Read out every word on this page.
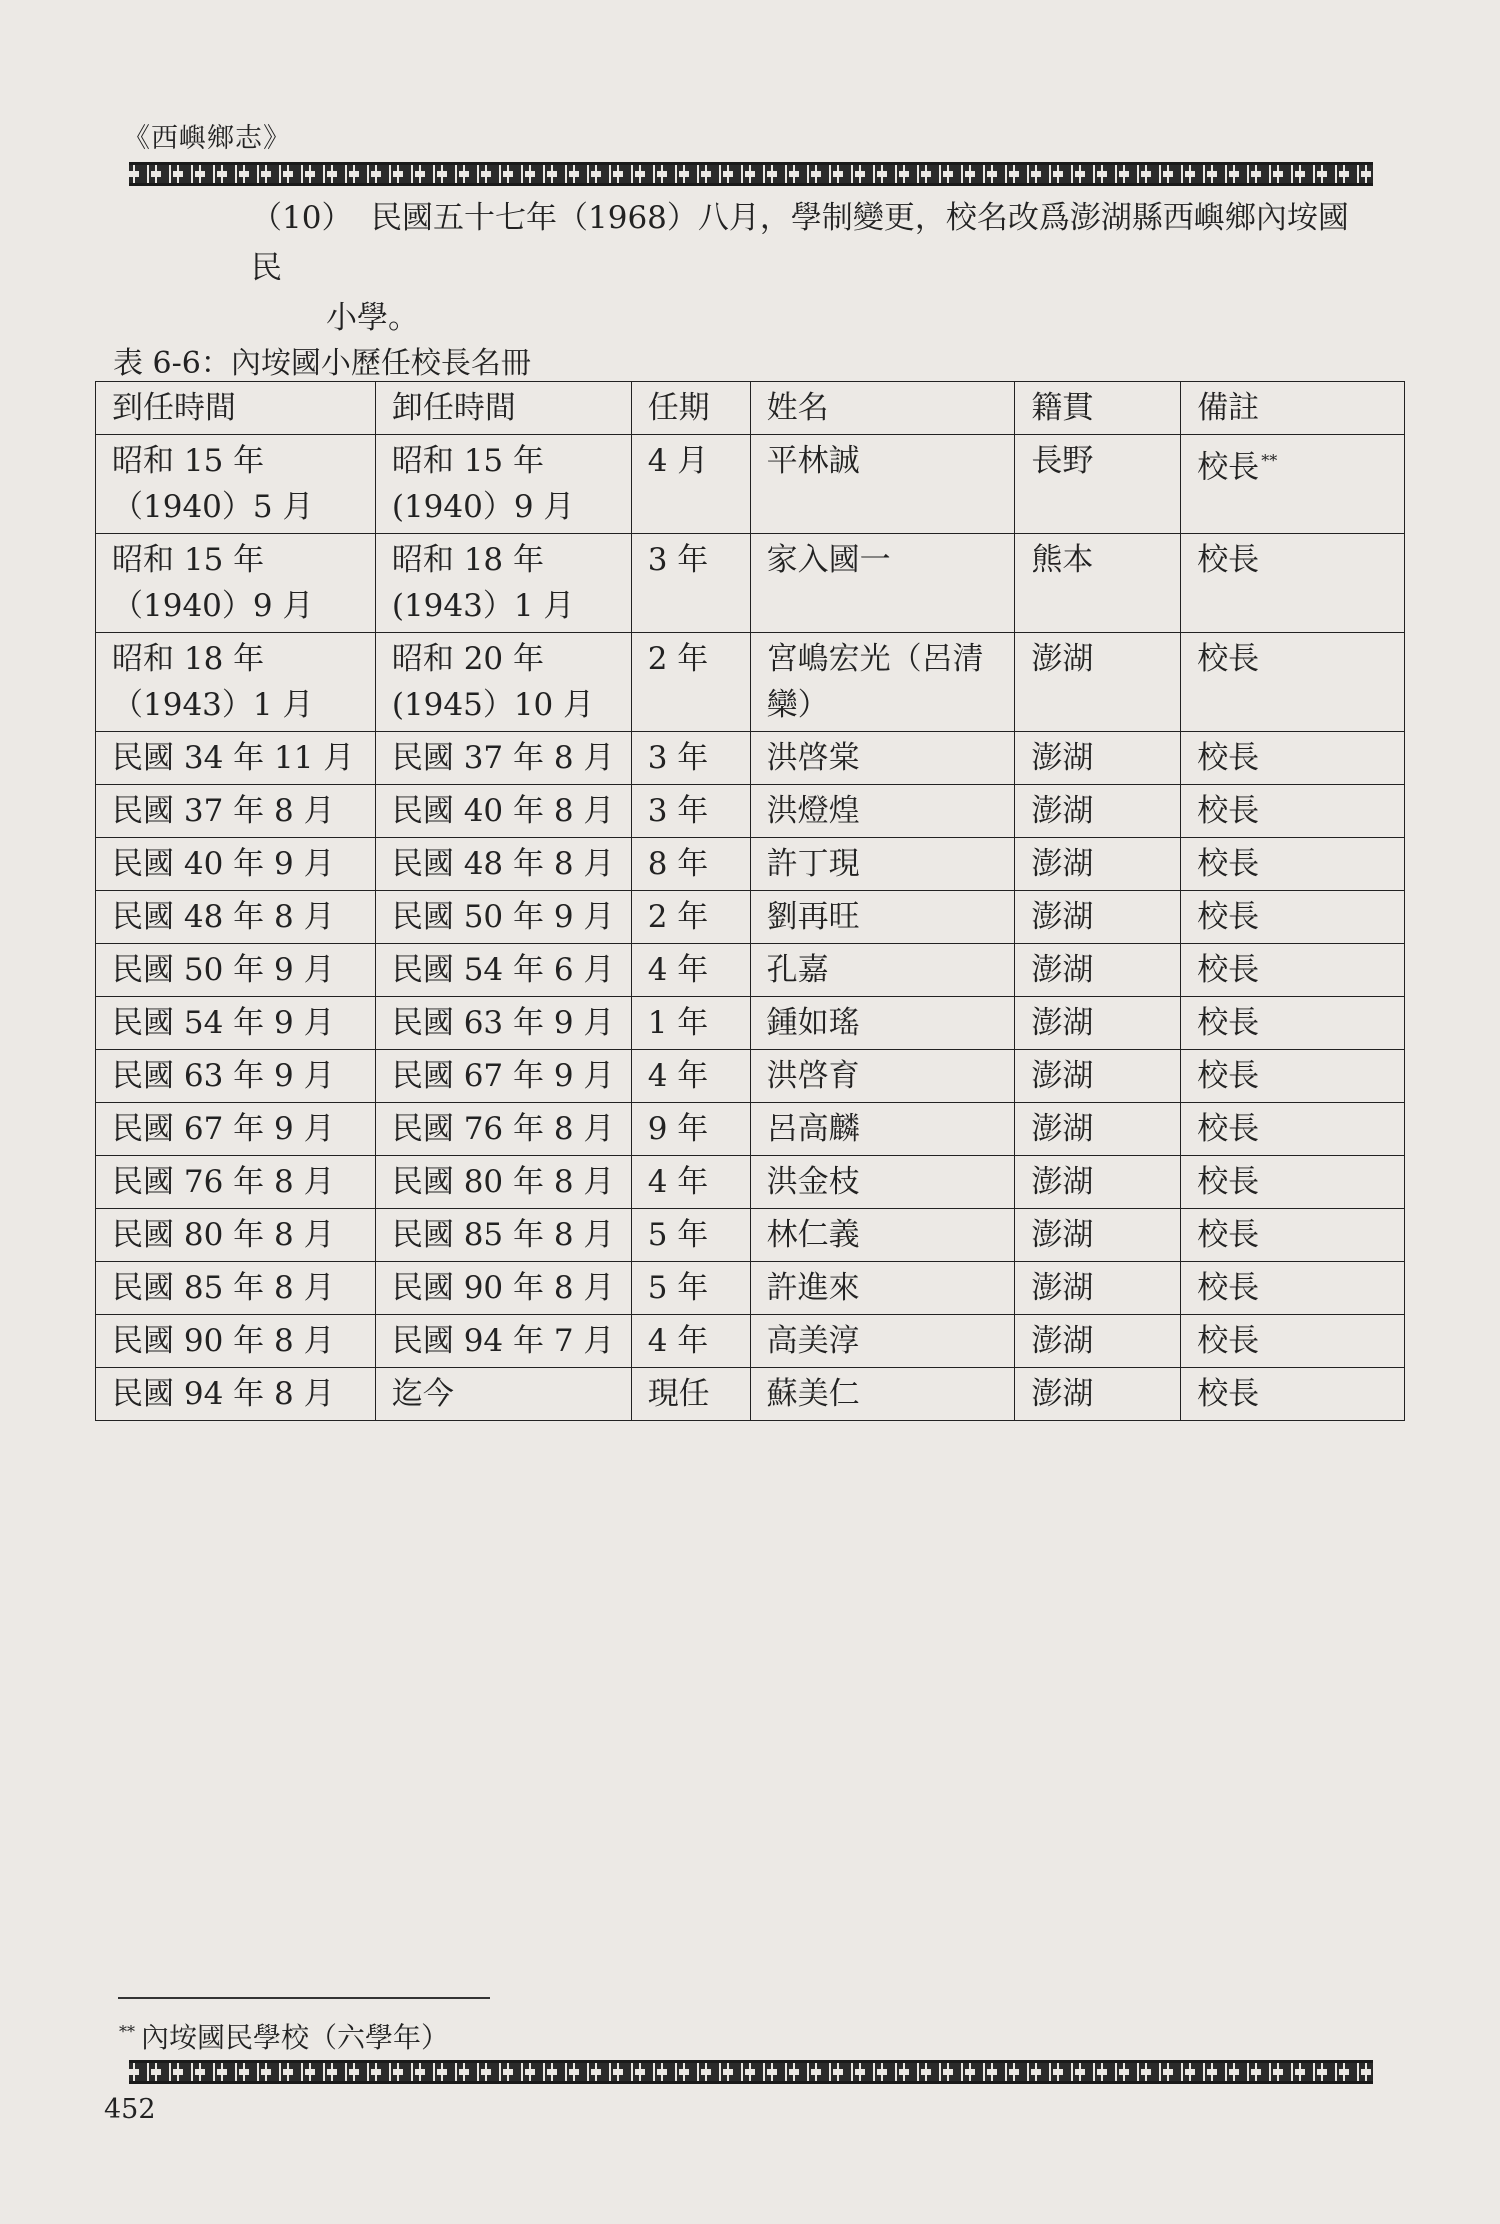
《西嶼鄉志》
（10） 民國五十七年（1968）八月，學制變更，校名改爲澎湖縣西嶼鄉內垵國民
小學。
表 6-6：內垵國小歷任校長名冊
到任時間	卸任時間	任期	姓名	籍貫	備註
昭和 15 年（1940）5 月	昭和 15 年(1940）9 月	4 月	平林誠	長野	校長 **
昭和 15 年（1940）9 月	昭和 18 年(1943）1 月	3 年	家入國一	熊本	校長
昭和 18 年（1943）1 月	昭和 20 年(1945）10 月	2 年	宮嶋宏光（呂清欒）	澎湖	校長
民國 34 年 11 月	民國 37 年 8 月	3 年	洪啓棠	澎湖	校長
民國 37 年 8 月	民國 40 年 8 月	3 年	洪燈煌	澎湖	校長
民國 40 年 9 月	民國 48 年 8 月	8 年	許丁現	澎湖	校長
民國 48 年 8 月	民國 50 年 9 月	2 年	劉再旺	澎湖	校長
民國 50 年 9 月	民國 54 年 6 月	4 年	孔嘉	澎湖	校長
民國 54 年 9 月	民國 63 年 9 月	1 年	鍾如瑤	澎湖	校長
民國 63 年 9 月	民國 67 年 9 月	4 年	洪啓育	澎湖	校長
民國 67 年 9 月	民國 76 年 8 月	9 年	呂高麟	澎湖	校長
民國 76 年 8 月	民國 80 年 8 月	4 年	洪金枝	澎湖	校長
民國 80 年 8 月	民國 85 年 8 月	5 年	林仁義	澎湖	校長
民國 85 年 8 月	民國 90 年 8 月	5 年	許進來	澎湖	校長
民國 90 年 8 月	民國 94 年 7 月	4 年	高美淳	澎湖	校長
民國 94 年 8 月	迄今	現任	蘇美仁	澎湖	校長
** 內垵國民學校（六學年）
452
